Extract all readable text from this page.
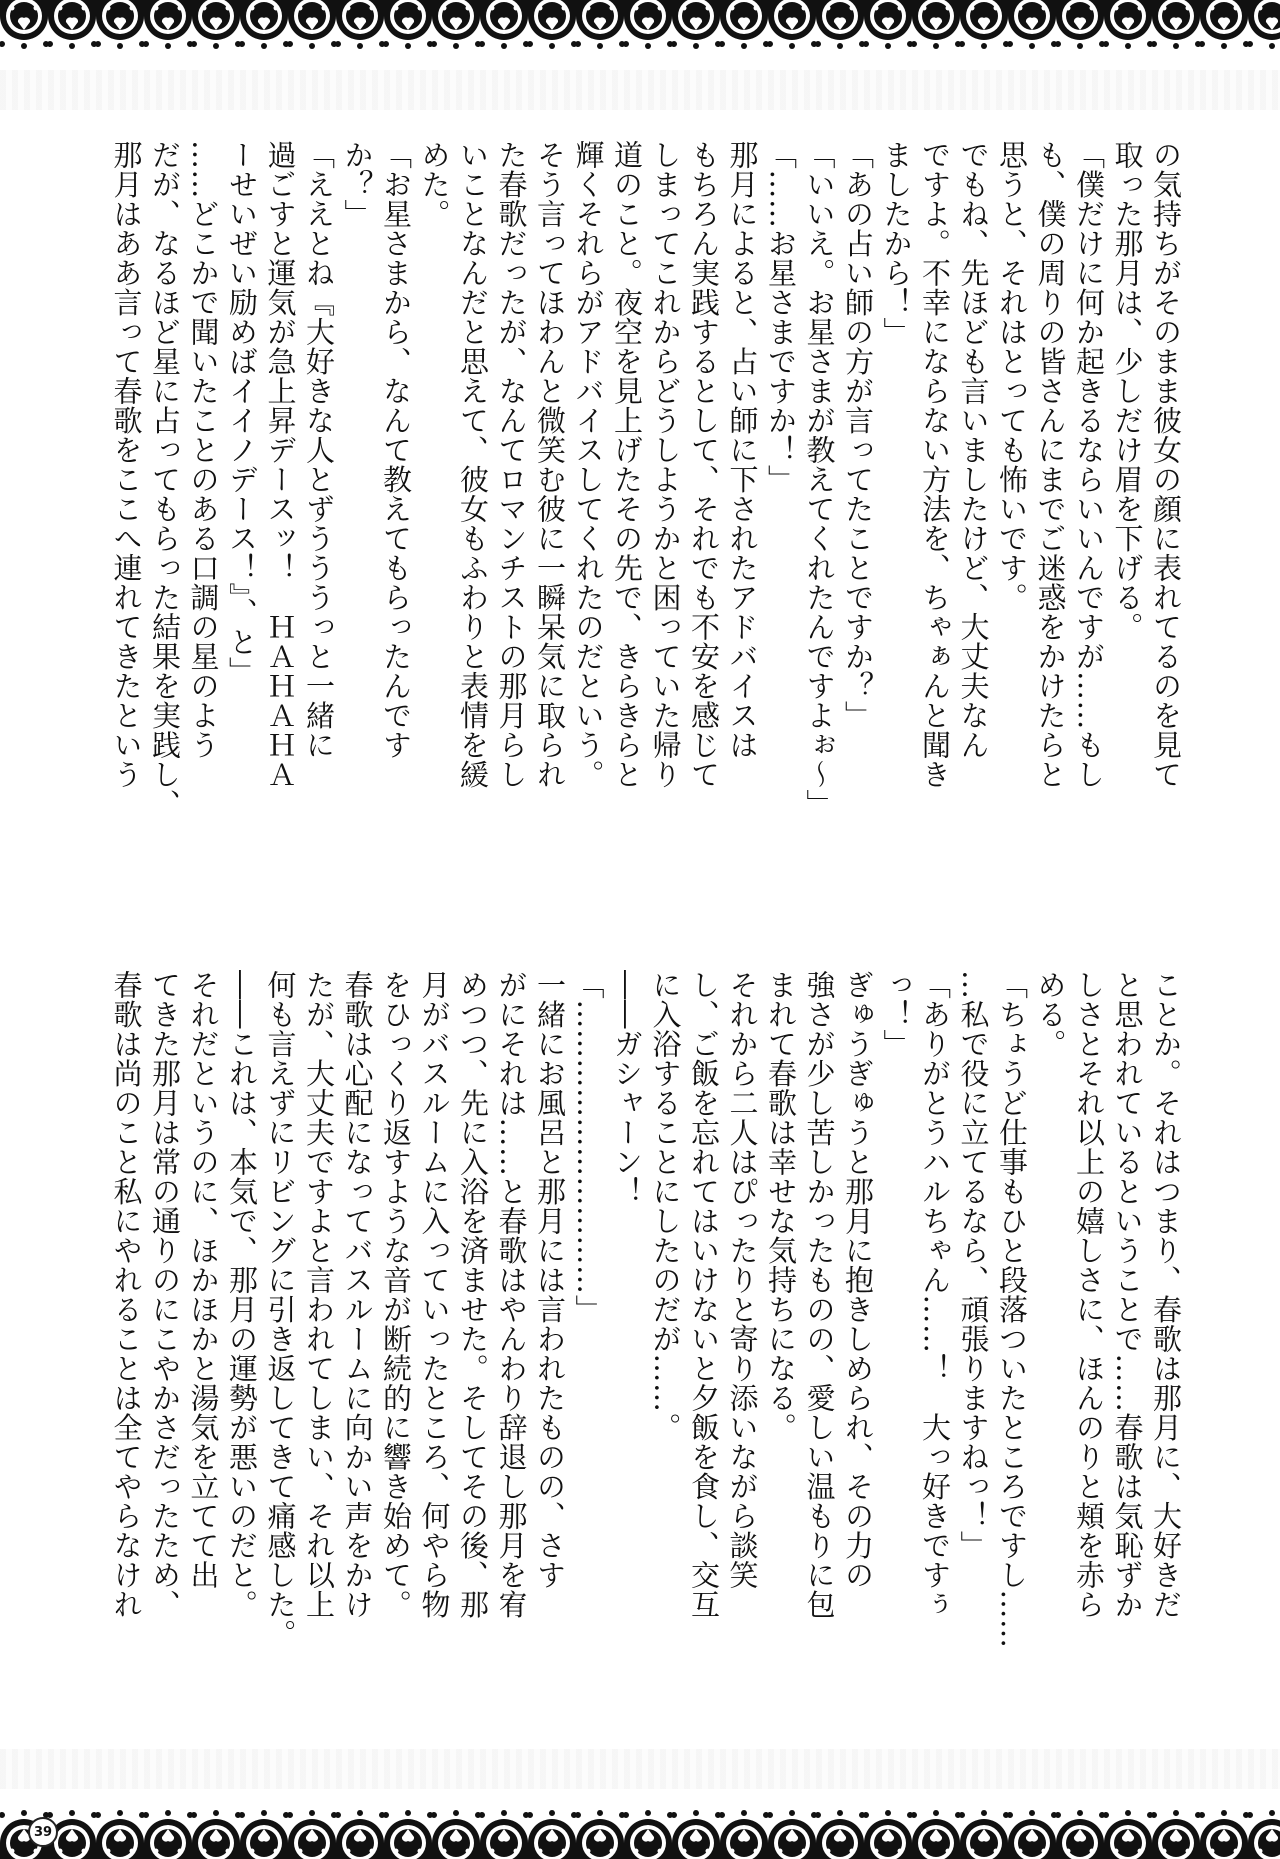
の気持ちがそのまま彼女の顔に表れてるのを見て
取った那月は、少しだけ眉を下げる。
「僕だけに何か起きるならいいんですが……もし
も、僕の周りの皆さんにまでご迷惑をかけたらと
思うと、それはとっても怖いです。
でもね、先ほども言いましたけど、大丈夫なん
ですよ。不幸にならない方法を、ちゃぁんと聞き
ましたから！」
「あの占い師の方が言ってたことですか？」
「いいえ。お星さまが教えてくれたんですよぉ〜」
「……お星さまですか！」
那月によると、占い師に下されたアドバイスは
もちろん実践するとして、それでも不安を感じて
しまってこれからどうしようかと困っていた帰り
道のこと。夜空を見上げたその先で、きらきらと
輝くそれらがアドバイスしてくれたのだという。
そう言ってほわんと微笑む彼に一瞬呆気に取られ
た春歌だったが、なんてロマンチストの那月らし
いことなんだと思えて、彼女もふわりと表情を緩
めた。
「お星さまから、なんて教えてもらったんです
か？」
「ええとね『大好きな人とずうううっと一緒に
過ごすと運気が急上昇デースッ！　ＨＡＨＡＨＡ
ーせいぜい励めばイイノデース！』、と」
……どこかで聞いたことのある口調の星のよう
だが、なるほど星に占ってもらった結果を実践し、
那月はああ言って春歌をここへ連れてきたという
ことか。それはつまり、春歌は那月に、大好きだ
と思われているということで……春歌は気恥ずか
しさとそれ以上の嬉しさに、ほんのりと頬を赤ら
める。
「ちょうど仕事もひと段落ついたところですし……
…私で役に立てるなら、頑張りますねっ！」
「ありがとうハルちゃん……！　大っ好きですぅ
っ！」
ぎゅうぎゅうと那月に抱きしめられ、その力の
強さが少し苦しかったものの、愛しい温もりに包
まれて春歌は幸せな気持ちになる。
それから二人はぴったりと寄り添いながら談笑
し、ご飯を忘れてはいけないと夕飯を食し、交互
に入浴することにしたのだが……。
――ガシャーン！
「…………………………」
一緒にお風呂と那月には言われたものの、さす
がにそれは……と春歌はやんわり辞退し那月を宥
めつつ、先に入浴を済ませた。そしてその後、那
月がバスルームに入っていったところ、何やら物
をひっくり返すような音が断続的に響き始めて。
春歌は心配になってバスルームに向かい声をかけ
たが、大丈夫ですよと言われてしまい、それ以上
何も言えずにリビングに引き返してきて痛感した。
――これは、本気で、那月の運勢が悪いのだと。
それだというのに、ほかほかと湯気を立てて出
てきた那月は常の通りのにこやかさだったため、
春歌は尚のこと私にやれることは全てやらなけれ
39
